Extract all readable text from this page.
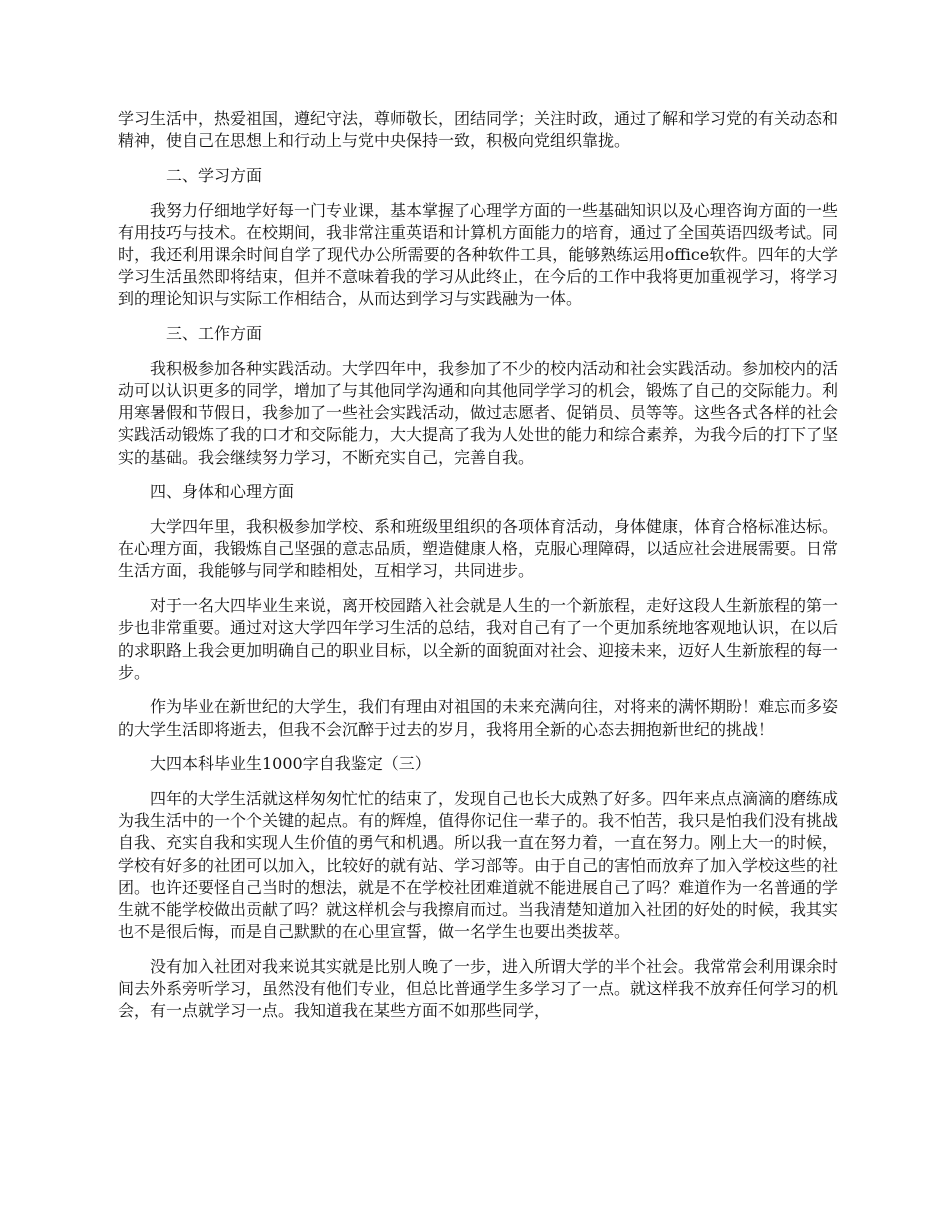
学习生活中，热爱祖国，遵纪守法，尊师敬长，团结同学；关注时政，通过了解和学习党的有关动态和精神，使自己在思想上和行动上与党中央保持一致，积极向党组织靠拢。

二、学习方面

我努力仔细地学好每一门专业课，基本掌握了心理学方面的一些基础知识以及心理咨询方面的一些有用技巧与技术。在校期间，我非常注重英语和计算机方面能力的培育，通过了全国英语四级考试。同时，我还利用课余时间自学了现代办公所需要的各种软件工具，能够熟练运用office软件。四年的大学学习生活虽然即将结束，但并不意味着我的学习从此终止，在今后的工作中我将更加重视学习，将学习到的理论知识与实际工作相结合，从而达到学习与实践融为一体。

三、工作方面

我积极参加各种实践活动。大学四年中，我参加了不少的校内活动和社会实践活动。参加校内的活动可以认识更多的同学，增加了与其他同学沟通和向其他同学学习的机会，锻炼了自己的交际能力。利用寒暑假和节假日，我参加了一些社会实践活动，做过志愿者、促销员、员等等。这些各式各样的社会实践活动锻炼了我的口才和交际能力，大大提高了我为人处世的能力和综合素养，为我今后的打下了坚实的基础。我会继续努力学习，不断充实自己，完善自我。

四、身体和心理方面

大学四年里，我积极参加学校、系和班级里组织的各项体育活动，身体健康，体育合格标准达标。在心理方面，我锻炼自己坚强的意志品质，塑造健康人格，克服心理障碍，以适应社会进展需要。日常生活方面，我能够与同学和睦相处，互相学习，共同进步。

对于一名大四毕业生来说，离开校园踏入社会就是人生的一个新旅程，走好这段人生新旅程的第一步也非常重要。通过对这大学四年学习生活的总结，我对自己有了一个更加系统地客观地认识，在以后的求职路上我会更加明确自己的职业目标，以全新的面貌面对社会、迎接未来，迈好人生新旅程的每一步。

作为毕业在新世纪的大学生，我们有理由对祖国的未来充满向往，对将来的满怀期盼！难忘而多姿的大学生活即将逝去，但我不会沉醉于过去的岁月，我将用全新的心态去拥抱新世纪的挑战！

大四本科毕业生1000字自我鉴定（三）

四年的大学生活就这样匆匆忙忙的结束了，发现自己也长大成熟了好多。四年来点点滴滴的磨练成为我生活中的一个个关键的起点。有的辉煌，值得你记住一辈子的。我不怕苦，我只是怕我们没有挑战自我、充实自我和实现人生价值的勇气和机遇。所以我一直在努力着，一直在努力。刚上大一的时候，学校有好多的社团可以加入，比较好的就有站、学习部等。由于自己的害怕而放弃了加入学校这些的社团。也许还要怪自己当时的想法，就是不在学校社团难道就不能进展自己了吗？难道作为一名普通的学生就不能学校做出贡献了吗？就这样机会与我擦肩而过。当我清楚知道加入社团的好处的时候，我其实也不是很后悔，而是自己默默的在心里宣誓，做一名学生也要出类拔萃。

没有加入社团对我来说其实就是比别人晚了一步，进入所谓大学的半个社会。我常常会利用课余时间去外系旁听学习，虽然没有他们专业，但总比普通学生多学习了一点。就这样我不放弃任何学习的机会，有一点就学习一点。我知道我在某些方面不如那些同学，
